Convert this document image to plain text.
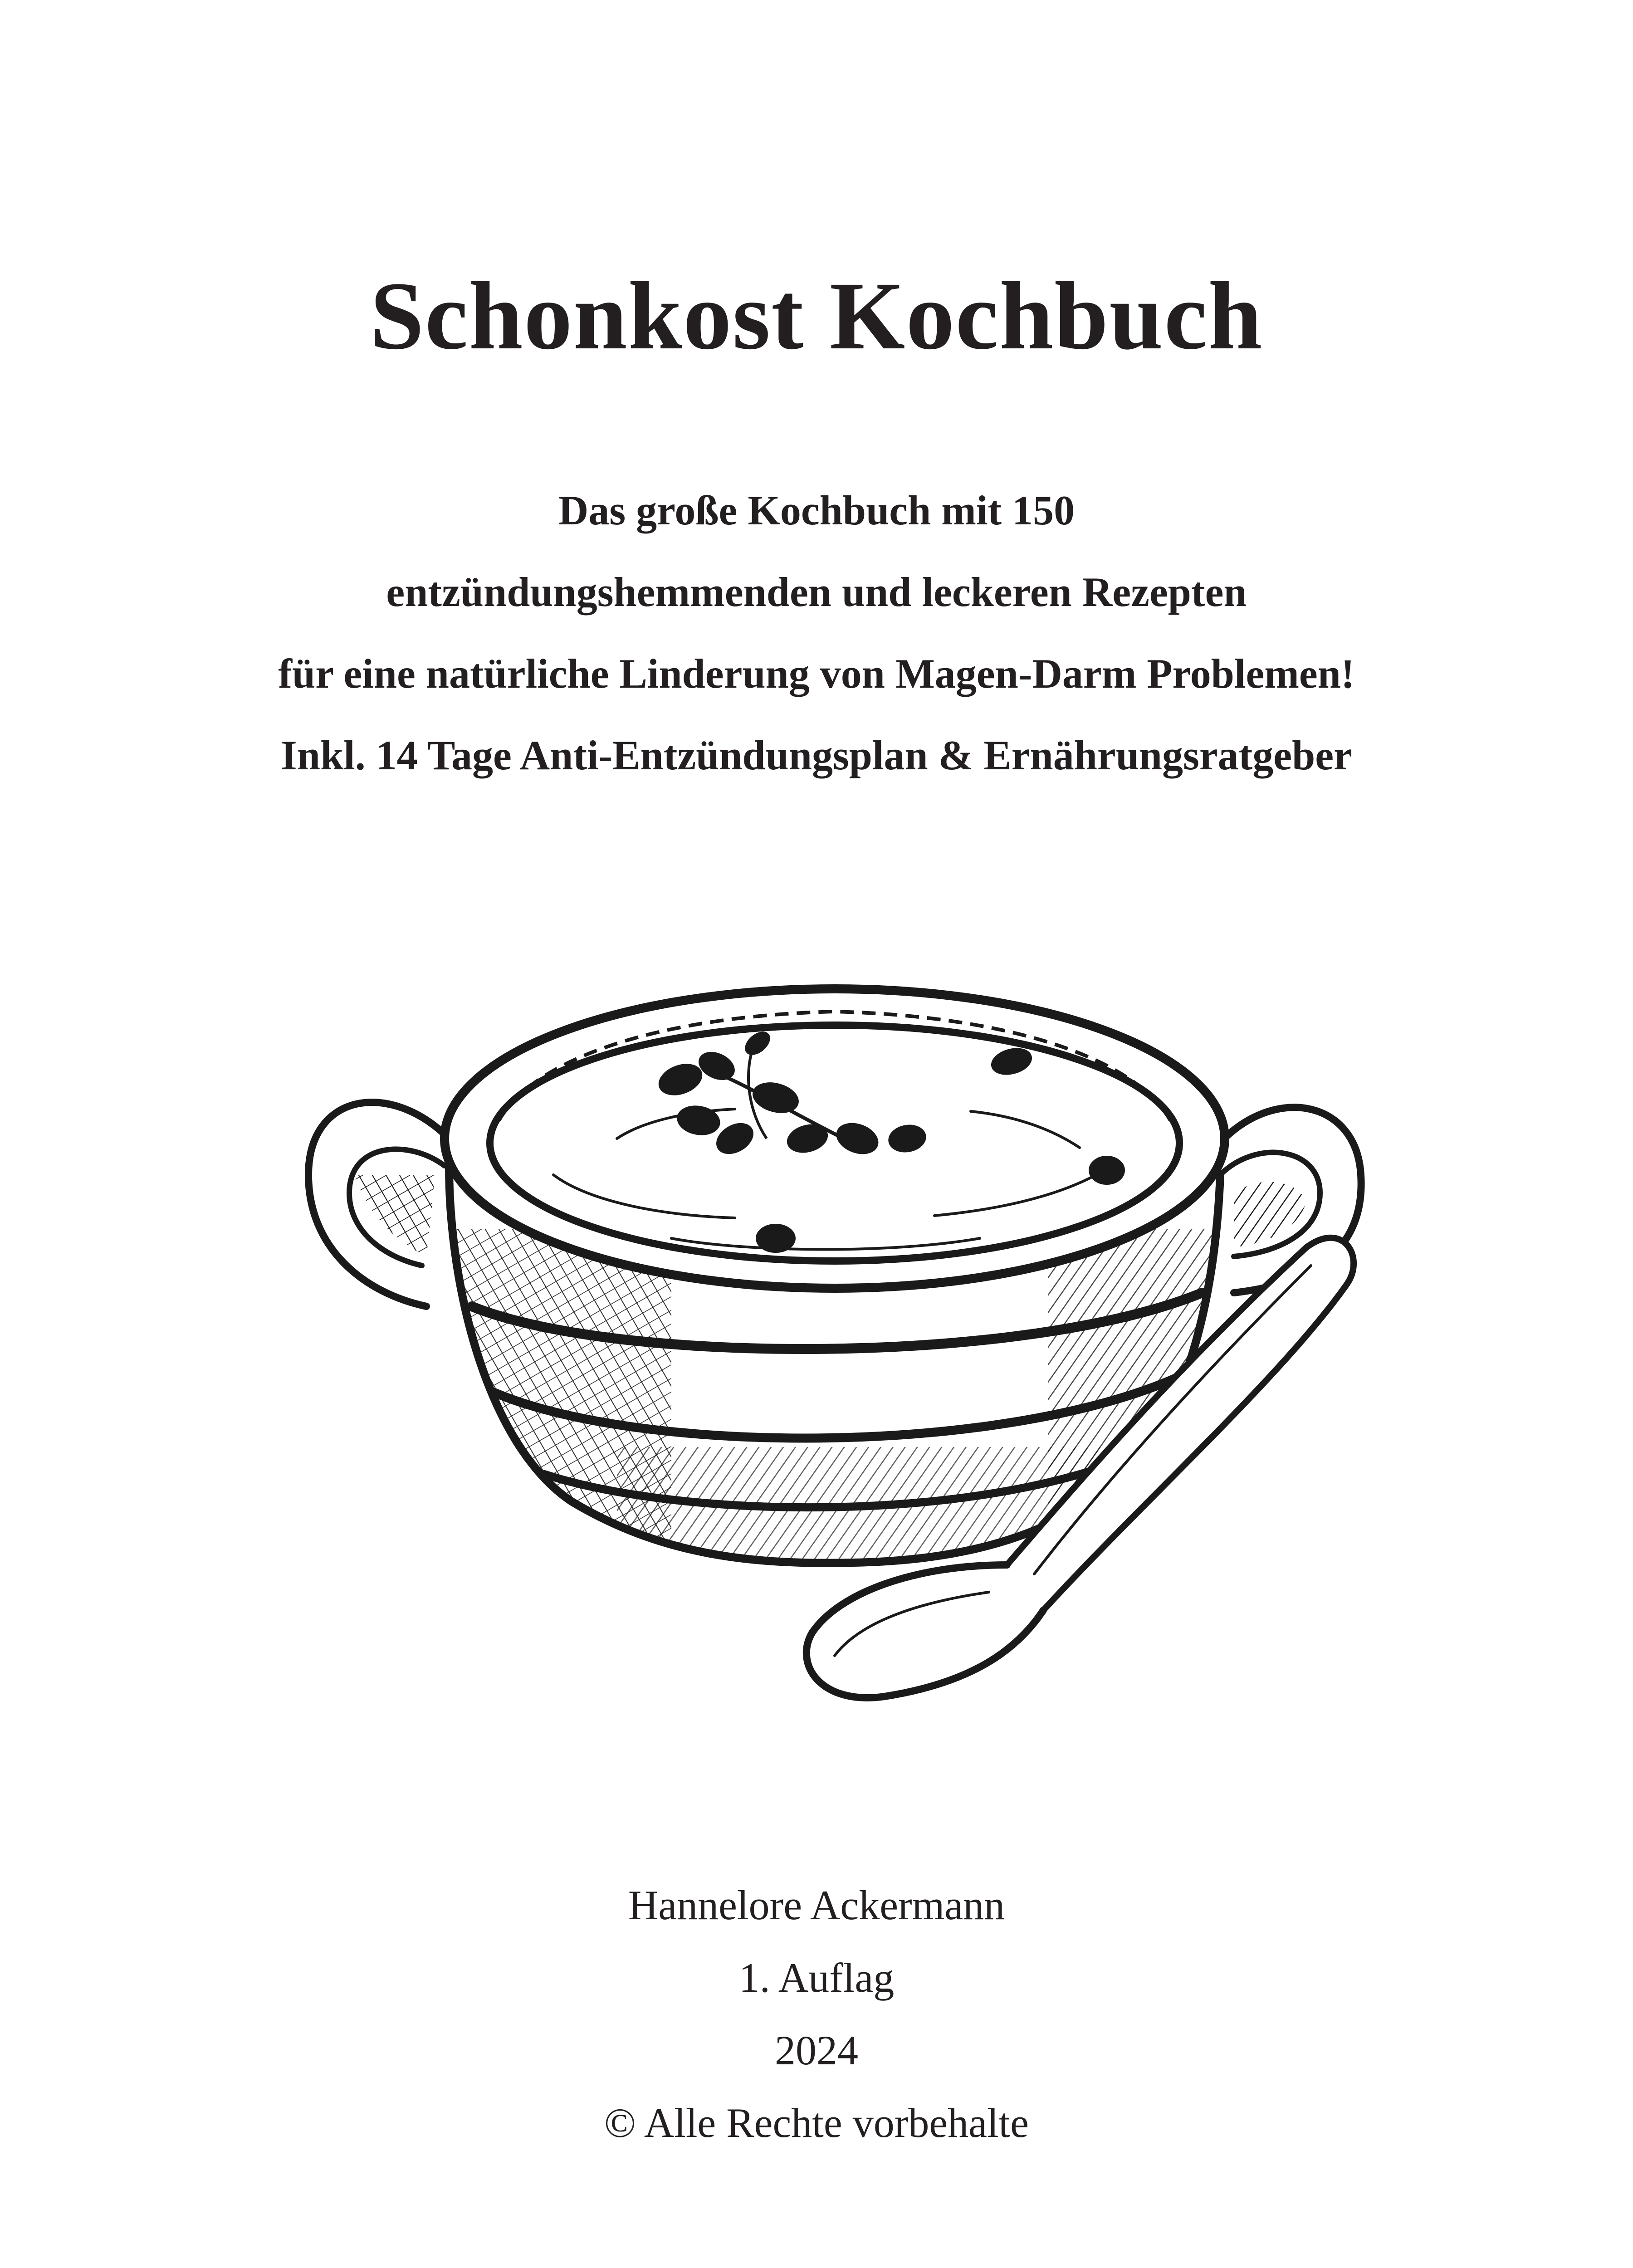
Schonkost Kochbuch
Das große Kochbuch mit 150
entzündungshemmenden und leckeren Rezepten
für eine natürliche Linderung von Magen-Darm Problemen!
Inkl. 14 Tage Anti-Entzündungsplan & Ernährungsratgeber
Hannelore Ackermann
1. Auflag
2024
© Alle Rechte vorbehalte
